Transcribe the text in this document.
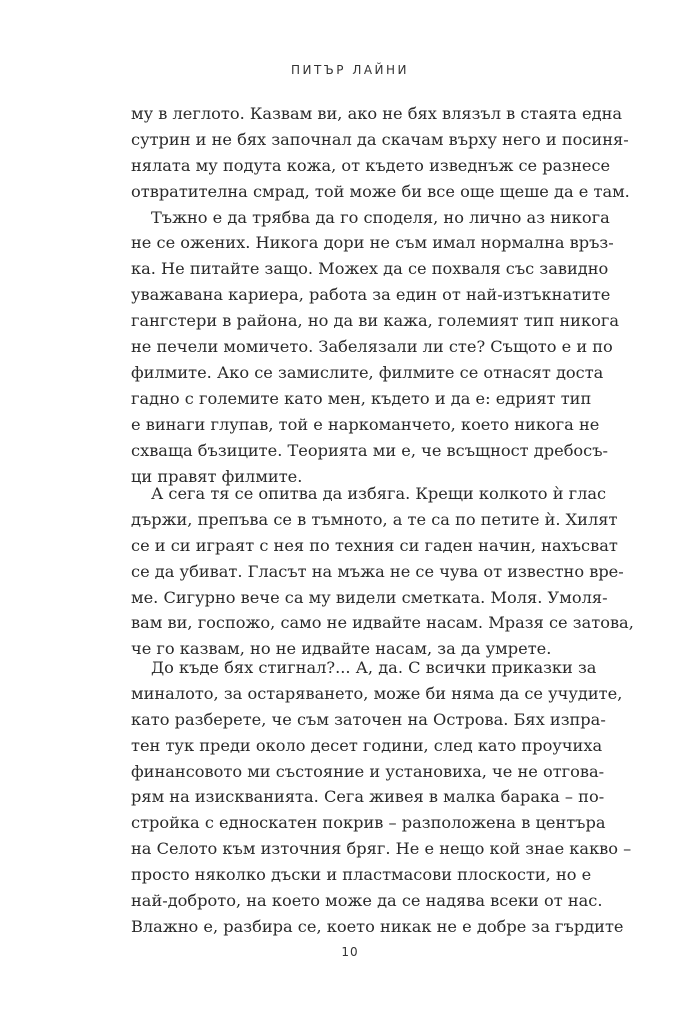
ПИТЪР ЛАЙНИ
му в леглото. Казвам ви, ако не бях влязъл в стаята една
сутрин и не бях започнал да скачам върху него и посиня-
нялата му подута кожа, от където изведнъж се разнесе
отвратителна смрад, той може би все още щеше да е там.
Тъжно е да трябва да го споделя, но лично аз никога
не се ожених. Никога дори не съм имал нормална връз-
ка. Не питайте защо. Можех да се похваля със завидно
уважавана кариера, работа за един от най-изтъкнатите
гангстери в района, но да ви кажа, големият тип никога
не печели момичето. Забелязали ли сте? Същото е и по
филмите. Ако се замислите, филмите се отнасят доста
гадно с големите като мен, където и да е: едрият тип
е винаги глупав, той е наркоманчето, което никога не
схваща бъзиците. Теорията ми е, че всъщност дребосъ-
ци правят филмите.
А сега тя се опитва да избяга. Крещи колкото ѝ глас
държи, препъва се в тъмното, а те са по петите ѝ. Хилят
се и си играят с нея по техния си гаден начин, нахъсват
се да убиват. Гласът на мъжа не се чува от известно вре-
ме. Сигурно вече са му видели сметката. Моля. Умоля-
вам ви, госпожо, само не идвайте насам. Мразя се затова,
че го казвам, но не идвайте насам, за да умрете.
До къде бях стигнал?... А, да. С всички приказки за
миналото, за остаряването, може би няма да се учудите,
като разберете, че съм заточен на Острова. Бях изпра-
тен тук преди около десет години, след като проучиха
финансовото ми състояние и установиха, че не отговa-
рям на изискванията. Сега живея в малка барака – по-
стройка с едноскатен покрив – разположена в центъра
на Селото към източния бряг. Не е нещо кой знае какво –
просто няколко дъски и пластмасови плоскости, но е
най-доброто, на което може да се надява всеки от нас.
Влажно е, разбира се, което никак не е добре за гърдите
10
